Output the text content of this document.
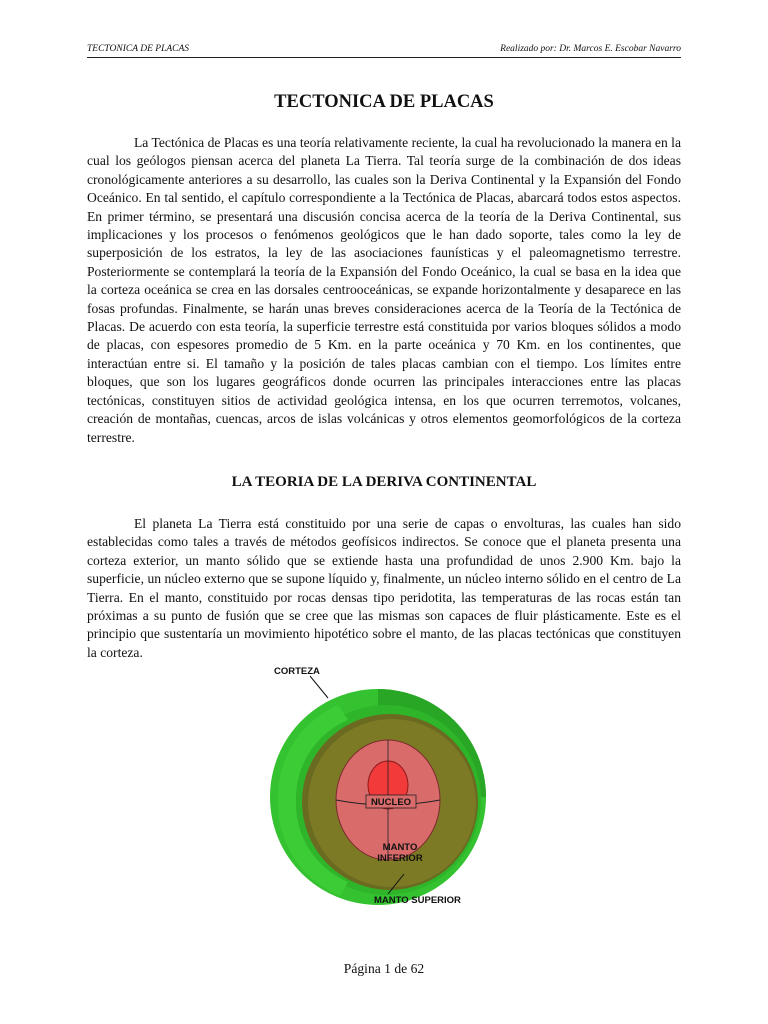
TECTONICA DE PLACAS	Realizado por: Dr. Marcos E. Escobar Navarro
TECTONICA DE PLACAS

La Tectónica de Placas es una teoría relativamente reciente, la cual ha revolucionado la manera en la cual los geólogos piensan acerca del planeta La Tierra. Tal teoría surge de la combinación de dos ideas cronológicamente anteriores a su desarrollo, las cuales son la Deriva Continental y la Expansión del Fondo Oceánico. En tal sentido, el capítulo correspondiente a la Tectónica de Placas, abarcará todos estos aspectos. En primer término, se presentará una discusión concisa acerca de la teoría de la Deriva Continental, sus implicaciones y los procesos o fenómenos geológicos que le han dado soporte, tales como la ley de superposición de los estratos, la ley de las asociaciones faunísticas y el paleomagnetismo terrestre. Posteriormente se contemplará la teoría de la Expansión del Fondo Oceánico, la cual se basa en la idea que la corteza oceánica se crea en las dorsales centrooceánicas, se expande horizontalmente y desaparece en las fosas profundas. Finalmente, se harán unas breves consideraciones acerca de la Teoría de la Tectónica de Placas. De acuerdo con esta teoría, la superficie terrestre está constituida por varios bloques sólidos a modo de placas, con espesores promedio de 5 Km. en la parte oceánica y 70 Km. en los continentes, que interactúan entre si. El tamaño y la posición de tales placas cambian con el tiempo. Los límites entre bloques, que son los lugares geográficos donde ocurren las principales interacciones entre las placas tectónicas, constituyen sitios de actividad geológica intensa, en los que ocurren terremotos, volcanes, creación de montañas, cuencas, arcos de islas volcánicas y otros elementos geomorfológicos de la corteza terrestre.

LA TEORIA DE LA DERIVA CONTINENTAL

El planeta La Tierra está constituido por una serie de capas o envolturas, las cuales han sido establecidas como tales a través de métodos geofísicos indirectos. Se conoce que el planeta presenta una corteza exterior, un manto sólido que se extiende hasta una profundidad de unos 2.900 Km. bajo la superficie, un núcleo externo que se supone líquido y, finalmente, un núcleo interno sólido en el centro de La Tierra. En el manto, constituido por rocas densas tipo peridotita, las temperaturas de las rocas están tan próximas a su punto de fusión que se cree que las mismas son capaces de fluir plásticamente. Este es el principio que sustentaría un movimiento hipotético sobre el manto, de las placas tectónicas que constituyen la corteza.

NUCLEO
MANTO
INFERIOR
CORTEZA
MANTO SUPERIOR
Página 1 de 62
